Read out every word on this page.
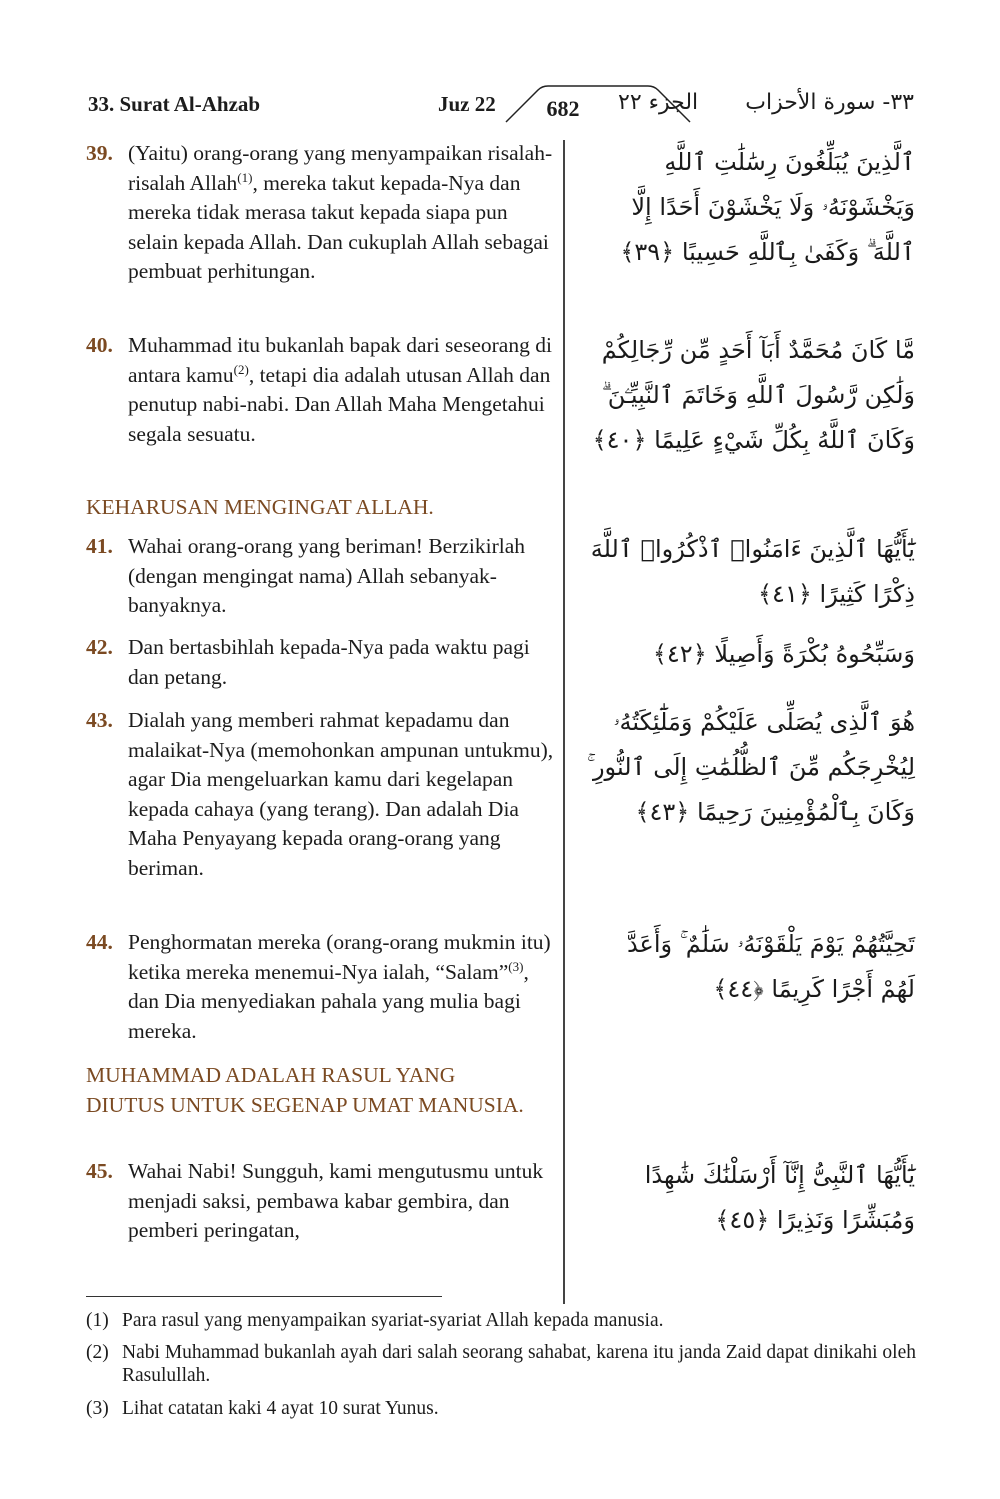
33. Surat Al-Ahzab	Juz 22	682	الجزء ٢٢ ٣٣- سورة الأحزاب
39. (Yaitu) orang-orang yang menyampaikan risalah-risalah Allah$^{(1)}$, mereka takut kepada-Nya dan mereka tidak merasa takut kepada siapa pun selain kepada Allah. Dan cukuplah Allah sebagai pembuat perhitungan.
ٱلَّذِينَ يُبَلِّغُونَ رِسَٰلَٰتِ ٱللَّهِ وَيَخْشَوْنَهُۥ وَلَا يَخْشَوْنَ أَحَدًا إِلَّا ٱللَّهَ ۗ وَكَفَىٰ بِٱللَّهِ حَسِيبًا ﴿٣٩﴾
40. Muhammad itu bukanlah bapak dari seseorang di antara kamu$^{(2)}$, tetapi dia adalah utusan Allah dan penutup nabi-nabi. Dan Allah Maha Mengetahui segala sesuatu.
مَّا كَانَ مُحَمَّدٌ أَبَآ أَحَدٍ مِّن رِّجَالِكُمْ وَلَٰكِن رَّسُولَ ٱللَّهِ وَخَاتَمَ ٱلنَّبِيِّـۧنَ ۗ وَكَانَ ٱللَّهُ بِكُلِّ شَيْءٍ عَلِيمًا ﴿٤٠﴾
KEHARUSAN MENGINGAT ALLAH.
41. Wahai orang-orang yang beriman! Berzikirlah (dengan mengingat nama) Allah sebanyak-banyaknya.
يَٰٓأَيُّهَا ٱلَّذِينَ ءَامَنُوا۟ ٱذْكُرُوا۟ ٱللَّهَ ذِكْرًا كَثِيرًا ﴿٤١﴾
42. Dan bertasbihlah kepada-Nya pada waktu pagi dan petang.
وَسَبِّحُوهُ بُكْرَةً وَأَصِيلًا ﴿٤٢﴾
43. Dialah yang memberi rahmat kepadamu dan malaikat-Nya (memohonkan ampunan untukmu), agar Dia mengeluarkan kamu dari kegelapan kepada cahaya (yang terang). Dan adalah Dia Maha Penyayang kepada orang-orang yang beriman.
هُوَ ٱلَّذِى يُصَلِّى عَلَيْكُمْ وَمَلَٰٓئِكَتُهُۥ لِيُخْرِجَكُم مِّنَ ٱلظُّلُمَٰتِ إِلَى ٱلنُّورِ ۚ وَكَانَ بِٱلْمُؤْمِنِينَ رَحِيمًا ﴿٤٣﴾
44. Penghormatan mereka (orang-orang mukmin itu) ketika mereka menemui-Nya ialah, “Salam”$^{(3)}$, dan Dia menyediakan pahala yang mulia bagi mereka.
تَحِيَّتُهُمْ يَوْمَ يَلْقَوْنَهُۥ سَلَٰمٌ ۚ وَأَعَدَّ لَهُمْ أَجْرًا كَرِيمًا ﴿٤٤﴾
MUHAMMAD ADALAH RASUL YANG DIUTUS UNTUK SEGENAP UMAT MANUSIA.
45. Wahai Nabi! Sungguh, kami mengutusmu untuk menjadi saksi, pembawa kabar gembira, dan pemberi peringatan,
يَٰٓأَيُّهَا ٱلنَّبِىُّ إِنَّآ أَرْسَلْنَٰكَ شَٰهِدًا وَمُبَشِّرًا وَنَذِيرًا ﴿٤٥﴾
(1) Para rasul yang menyampaikan syariat-syariat Allah kepada manusia.
(2) Nabi Muhammad bukanlah ayah dari salah seorang sahabat, karena itu janda Zaid dapat dinikahi oleh Rasulullah.
(3) Lihat catatan kaki 4 ayat 10 surat Yunus.
